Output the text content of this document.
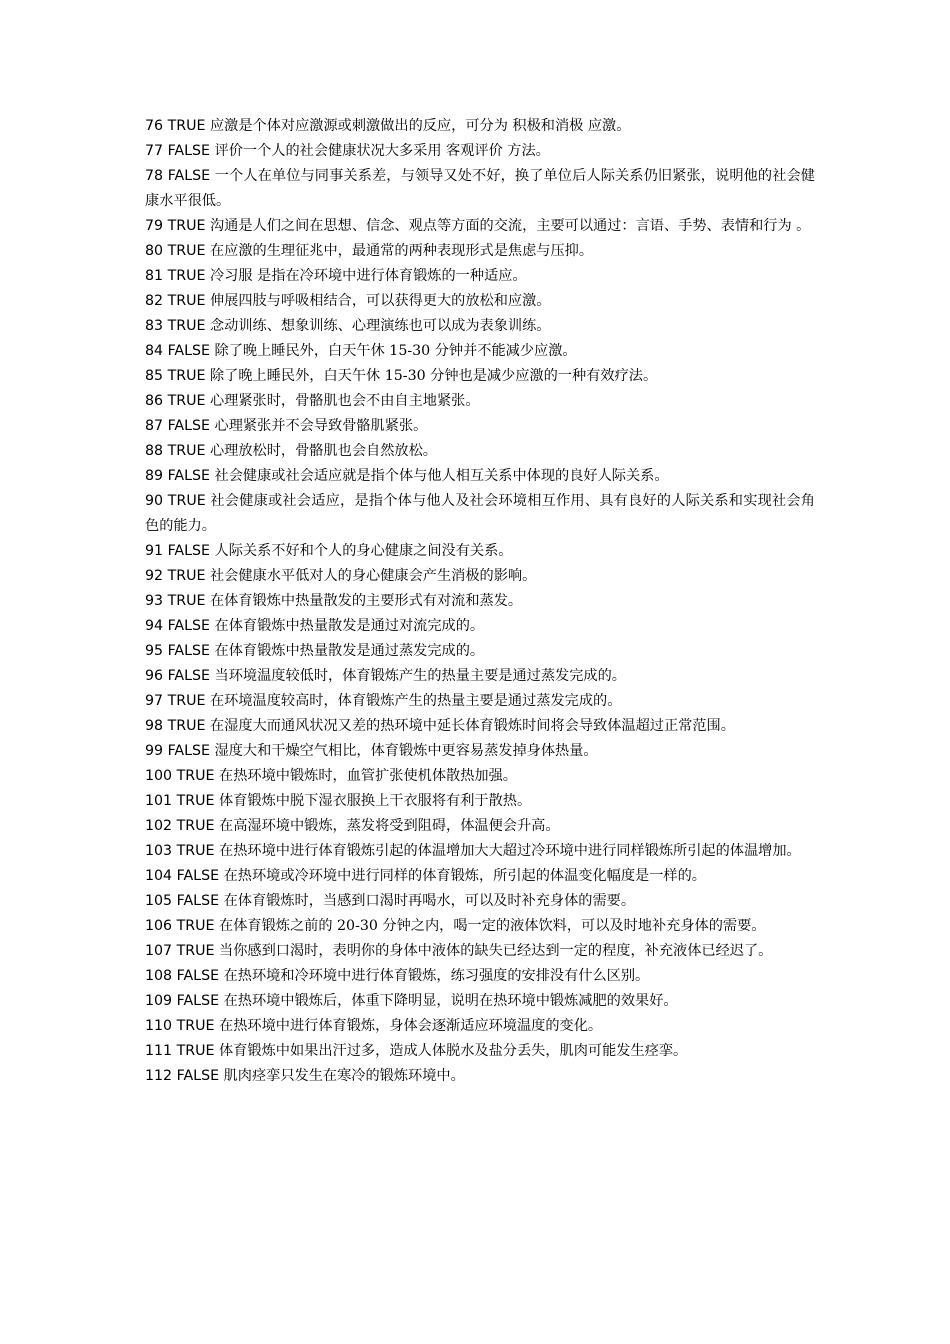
76 TRUE 应激是个体对应激源或刺激做出的反应，可分为 积极和消极 应激。

77 FALSE 评价一个人的社会健康状况大多采用 客观评价 方法。

78 FALSE 一个人在单位与同事关系差，与领导又处不好，换了单位后人际关系仍旧紧张，说明他的社会健康水平很低。

79 TRUE 沟通是人们之间在思想、信念、观点等方面的交流，主要可以通过：言语、手势、表情和行为 。

80 TRUE 在应激的生理征兆中，最通常的两种表现形式是焦虑与压抑。

81 TRUE 冷习服 是指在冷环境中进行体育锻炼的一种适应。

82 TRUE 伸展四肢与呼吸相结合，可以获得更大的放松和应激。

83 TRUE 念动训练、想象训练、心理演练也可以成为表象训练。

84 FALSE 除了晚上睡民外，白天午休 15-30 分钟并不能减少应激。

85 TRUE 除了晚上睡民外，白天午休 15-30 分钟也是减少应激的一种有效疗法。

86 TRUE 心理紧张时，骨骼肌也会不由自主地紧张。

87 FALSE 心理紧张并不会导致骨骼肌紧张。

88 TRUE 心理放松时，骨骼肌也会自然放松。

89 FALSE 社会健康或社会适应就是指个体与他人相互关系中体现的良好人际关系。

90 TRUE 社会健康或社会适应，是指个体与他人及社会环境相互作用、具有良好的人际关系和实现社会角色的能力。

91 FALSE 人际关系不好和个人的身心健康之间没有关系。

92 TRUE 社会健康水平低对人的身心健康会产生消极的影响。

93 TRUE 在体育锻炼中热量散发的主要形式有对流和蒸发。

94 FALSE 在体育锻炼中热量散发是通过对流完成的。

95 FALSE 在体育锻炼中热量散发是通过蒸发完成的。

96 FALSE 当环境温度较低时，体育锻炼产生的热量主要是通过蒸发完成的。

97 TRUE 在环境温度较高时，体育锻炼产生的热量主要是通过蒸发完成的。

98 TRUE 在湿度大而通风状况又差的热环境中延长体育锻炼时间将会导致体温超过正常范围。

99 FALSE 湿度大和干燥空气相比，体育锻炼中更容易蒸发掉身体热量。

100 TRUE 在热环境中锻炼时，血管扩张使机体散热加强。

101 TRUE 体育锻炼中脱下湿衣服换上干衣服将有利于散热。

102 TRUE 在高湿环境中锻炼，蒸发将受到阻碍，体温便会升高。

103 TRUE 在热环境中进行体育锻炼引起的体温增加大大超过冷环境中进行同样锻炼所引起的体温增加。

104 FALSE 在热环境或冷环境中进行同样的体育锻炼，所引起的体温变化幅度是一样的。

105 FALSE 在体育锻炼时，当感到口渴时再喝水，可以及时补充身体的需要。

106 TRUE 在体育锻炼之前的 20-30 分钟之内，喝一定的液体饮料，可以及时地补充身体的需要。

107 TRUE 当你感到口渴时，表明你的身体中液体的缺失已经达到一定的程度，补充液体已经迟了。

108 FALSE 在热环境和冷环境中进行体育锻炼，练习强度的安排没有什么区别。

109 FALSE 在热环境中锻炼后，体重下降明显，说明在热环境中锻炼减肥的效果好。

110 TRUE 在热环境中进行体育锻炼，身体会逐渐适应环境温度的变化。

111 TRUE 体育锻炼中如果出汗过多，造成人体脱水及盐分丢失，肌肉可能发生痉挛。

112 FALSE 肌肉痉挛只发生在寒冷的锻炼环境中。
